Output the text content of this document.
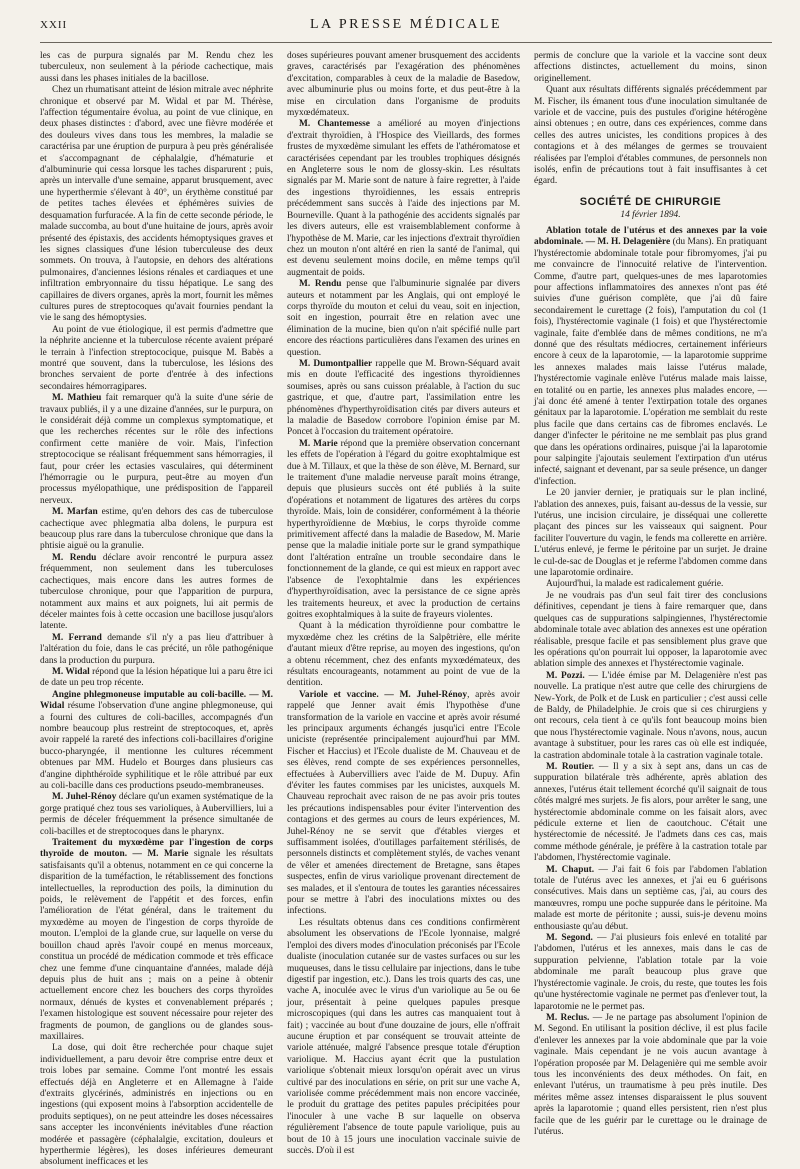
XXII	LA PRESSE MÉDICALE

les cas de purpura signalés par M. Rendu chez les tuberculeux, non seulement à la période cachectique, mais aussi dans les phases initiales de la bacillose.

Chez un rhumatisant atteint de lésion mitrale avec néphrite chronique et observé par M. Widal et par M. Thérèse, l'affection tégumentaire évolua, au point de vue clinique, en deux phases distinctes : d'abord, avec une fièvre modérée et des douleurs vives dans tous les membres, la maladie se caractérisa par une éruption de purpura à peu près généralisée et s'accompagnant de céphalalgie, d'hématurie et d'albuminurie qui cessa lorsque les taches disparurent ; puis, après un intervalle d'une semaine, apparut brusquement, avec une hyperthermie s'élevant à 40°, un érythème constitué par de petites taches élevées et éphémères suivies de desquamation furfuracée. A la fin de cette seconde période, le malade succomba, au bout d'une huitaine de jours, après avoir présenté des épistaxis, des accidents hémoptysiques graves et les signes classiques d'une lésion tuberculeuse des deux sommets. On trouva, à l'autopsie, en dehors des altérations pulmonaires, d'anciennes lésions rénales et cardiaques et une infiltration embryonnaire du tissu hépatique. Le sang des capillaires de divers organes, après la mort, fournit les mêmes cultures pures de streptocoques qu'avait fournies pendant la vie le sang des hémoptysies.

Au point de vue étiologique, il est permis d'admettre que la néphrite ancienne et la tuberculose récente avaient préparé le terrain à l'infection streptococique, puisque M. Babès a montré que souvent, dans la tuberculose, les lésions des bronches servaient de porte d'entrée à des infections secondaires hémorragipares.

M. Mathieu fait remarquer qu'à la suite d'une série de travaux publiés, il y a une dizaine d'années, sur le purpura, on le considérait déjà comme un complexus symptomatique, et que les recherches récentes sur le rôle des infections confirment cette manière de voir. Mais, l'infection streptococique se réalisant fréquemment sans hémorragies, il faut, pour créer les ectasies vasculaires, qui déterminent l'hémorragie ou le purpura, peut-être au moyen d'un processus myélopathique, une prédisposition de l'appareil nerveux.

M. Marfan estime, qu'en dehors des cas de tuberculose cachectique avec phlegmatia alba dolens, le purpura est beaucoup plus rare dans la tuberculose chronique que dans la phtisie aiguë ou la granulie.

M. Rendu déclare avoir rencontré le purpura assez fréquemment, non seulement dans les tuberculoses cachectiques, mais encore dans les autres formes de tuberculose chronique, pour que l'apparition de purpura, notamment aux mains et aux poignets, lui ait permis de déceler maintes fois à cette occasion une bacillose jusqu'alors latente.

M. Ferrand demande s'il n'y a pas lieu d'attribuer à l'altération du foie, dans le cas précité, un rôle pathogénique dans la production du purpura.

M. Widal répond que la lésion hépatique lui a paru être ici de date un peu trop récente.

Angine phlegmoneuse imputable au coli-bacille. — M. Widal résume l'observation d'une angine phlegmoneuse, qui a fourni des cultures de coli-bacilles, accompagnés d'un nombre beaucoup plus restreint de streptocoques, et, après avoir rappelé la rareté des infections coli-bacillaires d'origine bucco-pharyngée, il mentionne les cultures récemment obtenues par MM. Hudelo et Bourges dans plusieurs cas d'angine diphthéroïde syphilitique et le rôle attribué par eux au coli-bacille dans ces productions pseudo-membraneuses.

M. Juhel-Rénoy déclare qu'un examen systématique de la gorge pratiqué chez tous ses varioliques, à Aubervilliers, lui a permis de déceler fréquemment la présence simultanée de coli-bacilles et de streptocoques dans le pharynx.

Traitement du myxœdème par l'ingestion de corps thyroïde de mouton. — M. Marie signale les résultats satisfaisants qu'il a obtenus, notamment en ce qui concerne la disparition de la tuméfaction, le rétablissement des fonctions intellectuelles, la reproduction des poils, la diminution du poids, le relèvement de l'appétit et des forces, enfin l'amélioration de l'état général, dans le traitement du myxœdème au moyen de l'ingestion de corps thyroïde de mouton. L'emploi de la glande crue, sur laquelle on verse du bouillon chaud après l'avoir coupé en menus morceaux, constitua un procédé de médication commode et très efficace chez une femme d'une cinquantaine d'années, malade déjà depuis plus de huit ans ; mais on a peine à obtenir actuellement encore chez les bouchers des corps thyroïdes normaux, dénués de kystes et convenablement préparés ; l'examen histologique est souvent nécessaire pour rejeter des fragments de poumon, de ganglions ou de glandes sous-maxillaires.

La dose, qui doit être recherchée pour chaque sujet individuellement, a paru devoir être comprise entre deux et trois lobes par semaine. Comme l'ont montré les essais effectués déjà en Angleterre et en Allemagne à l'aide d'extraits glycérinés, administrés en injections ou en ingestions (qui exposent moins à l'absorption accidentelle de produits septiques), on ne peut atteindre les doses nécessaires sans accepter les inconvénients inévitables d'une réaction modérée et passagère (céphalalgie, excitation, douleurs et hyperthermie légères), les doses inférieures demeurant absolument inefficaces et les

doses supérieures pouvant amener brusquement des accidents graves, caractérisés par l'exagération des phénomènes d'excitation, comparables à ceux de la maladie de Basedow, avec albuminurie plus ou moins forte, et dus peut-être à la mise en circulation dans l'organisme de produits myxœdémateux.

M. Chantemesse a amélioré au moyen d'injections d'extrait thyroïdien, à l'Hospice des Vieillards, des formes frustes de myxœdème simulant les effets de l'athéromatose et caractérisées cependant par les troubles trophiques désignés en Angleterre sous le nom de glossy-skin. Les résultats signalés par M. Marie sont de nature à faire regretter, à l'aide des ingestions thyroïdiennes, les essais entrepris précédemment sans succès à l'aide des injections par M. Bourneville. Quant à la pathogénie des accidents signalés par les divers auteurs, elle est vraisemblablement conforme à l'hypothèse de M. Marie, car les injections d'extrait thyroïdien chez un mouton n'ont altéré en rien la santé de l'animal, qui est devenu seulement moins docile, en même temps qu'il augmentait de poids.

M. Rendu pense que l'albuminurie signalée par divers auteurs et notamment par les Anglais, qui ont employé le corps thyroïde du mouton et celui du veau, soit en injection, soit en ingestion, pourrait être en relation avec une élimination de la mucine, bien qu'on n'ait spécifié nulle part encore des réactions particulières dans l'examen des urines en question.

M. Dumontpallier rappelle que M. Brown-Séquard avait mis en doute l'efficacité des ingestions thyroïdiennes soumises, après ou sans cuisson préalable, à l'action du suc gastrique, et que, d'autre part, l'assimilation entre les phénomènes d'hyperthyroïdisation cités par divers auteurs et la maladie de Basedow corrobore l'opinion émise par M. Poncet à l'occasion du traitement opératoire.

M. Marie répond que la première observation concernant les effets de l'opération à l'égard du goitre exophtalmique est due à M. Tillaux, et que la thèse de son élève, M. Bernard, sur le traitement d'une maladie nerveuse paraît moins étrange, depuis que plusieurs succès ont été publiés à la suite d'opérations et notamment de ligatures des artères du corps thyroïde. Mais, loin de considérer, conformément à la théorie hyperthyroïdienne de Mœbius, le corps thyroïde comme primitivement affecté dans la maladie de Basedow, M. Marie pense que la maladie initiale porte sur le grand sympathique dont l'altération entraîne un trouble secondaire dans le fonctionnement de la glande, ce qui est mieux en rapport avec l'absence de l'exophtalmie dans les expériences d'hyperthyroïdisation, avec la persistance de ce signe après les traitements heureux, et avec la production de certains goitres exophtalmiques à la suite de frayeurs violentes.

Quant à la médication thyroïdienne pour combattre le myxœdème chez les crétins de la Salpêtrière, elle mérite d'autant mieux d'être reprise, au moyen des ingestions, qu'on a obtenu récemment, chez des enfants myxœdémateux, des résultats encourageants, notamment au point de vue de la dentition.

Variole et vaccine. — M. Juhel-Rénoy, après avoir rappelé que Jenner avait émis l'hypothèse d'une transformation de la variole en vaccine et après avoir résumé les principaux arguments échangés jusqu'ici entre l'Ecole uniciste (représentée principalement aujourd'hui par MM. Fischer et Haccius) et l'Ecole dualiste de M. Chauveau et de ses élèves, rend compte de ses expériences personnelles, effectuées à Aubervilliers avec l'aide de M. Dupuy. Afin d'éviter les fautes commises par les unicistes, auxquels M. Chauveau reprochait avec raison de ne pas avoir pris toutes les précautions indispensables pour éviter l'intervention des contagions et des germes au cours de leurs expériences, M. Juhel-Rénoy ne se servit que d'étables vierges et suffisamment isolées, d'outillages parfaitement stérilisés, de personnels distincts et complètement stylés, de vaches venant de vêler et amenées directement de Bretagne, sans êtapes suspectes, enfin de virus variolique provenant directement de ses malades, et il s'entoura de toutes les garanties nécessaires pour se mettre à l'abri des inoculations mixtes ou des infections.

Les résultats obtenus dans ces conditions confirmèrent absolument les observations de l'Ecole lyonnaise, malgré l'emploi des divers modes d'inoculation préconisés par l'Ecole dualiste (inoculation cutanée sur de vastes surfaces ou sur les muqueuses, dans le tissu cellulaire par injections, dans le tube digestif par ingestion, etc.). Dans les trois quarts des cas, une vache A, inoculée avec le virus d'un variolique au 5e ou 6e jour, présentait à peine quelques papules presque microscopiques (qui dans les autres cas manquaient tout à fait) ; vaccinée au bout d'une douzaine de jours, elle n'offrait aucune éruption et par conséquent se trouvait atteinte de variole atténuée, malgré l'absence presque totale d'éruption variolique. M. Haccius ayant écrit que la pustulation variolique s'obtenait mieux lorsqu'on opérait avec un virus cultivé par des inoculations en série, on prit sur une vache A, variolisée comme précédemment mais non encore vaccinée, le produit du grattage des petites papules précipitées pour l'inoculer à une vache B sur laquelle on observa régulièrement l'absence de toute papule variolique, puis au bout de 10 à 15 jours une inoculation vaccinale suivie de succès. D'où il est

permis de conclure que la variole et la vaccine sont deux affections distinctes, actuellement du moins, sinon originellement.

Quant aux résultats différents signalés précédemment par M. Fischer, ils émanent tous d'une inoculation simultanée de variole et de vaccine, puis des pustules d'origine hétérogène ainsi obtenues ; en outre, dans ces expériences, comme dans celles des autres unicistes, les conditions propices à des contagions et à des mélanges de germes se trouvaient réalisées par l'emploi d'étables communes, de personnels non isolés, enfin de précautions tout à fait insuffisantes à cet égard.

SOCIÉTÉ DE CHIRURGIE
14 février 1894.

Ablation totale de l'utérus et des annexes par la voie abdominale. — M. H. Delagenière (du Mans). En pratiquant l'hystérectomie abdominale totale pour fibromyomes, j'ai pu me convaincre de l'innocuité relative de l'intervention. Comme, d'autre part, quelques-unes de mes laparotomies pour affections inflammatoires des annexes n'ont pas été suivies d'une guérison complète, que j'ai dû faire secondairement le curettage (2 fois), l'amputation du col (1 fois), l'hystérectomie vaginale (1 fois) et que l'hystérectomie vaginale, faite d'emblée dans de mêmes conditions, ne m'a donné que des résultats médiocres, certainement inférieurs encore à ceux de la laparotomie, — la laparotomie supprime les annexes malades mais laisse l'utérus malade, l'hystérectomie vaginale enlève l'utérus malade mais laisse, en totalité ou en partie, les annexes plus malades encore, — j'ai donc été amené à tenter l'extirpation totale des organes génitaux par la laparotomie. L'opération me semblait du reste plus facile que dans certains cas de fibromes enclavés. Le danger d'infecter le péritoine ne me semblait pas plus grand que dans les opérations ordinaires, puisque j'ai la laparotomie pour salpingite j'ajoutais seulement l'extirpation d'un utérus infecté, saignant et devenant, par sa seule présence, un danger d'infection.

Le 20 janvier dernier, je pratiquais sur le plan incliné, l'ablation des annexes, puis, faisant au-dessus de la vessie, sur l'utérus, une incision circulaire, je disséquai une collerette plaçant des pinces sur les vaisseaux qui saignent. Pour faciliter l'ouverture du vagin, le fends ma collerette en arrière. L'utérus enlevé, je ferme le péritoine par un surjet. Je draine le cul-de-sac de Douglas et je referme l'abdomen comme dans une laparotomie ordinaire.

Aujourd'hui, la malade est radicalement guérie.

Je ne voudrais pas d'un seul fait tirer des conclusions définitives, cependant je tiens à faire remarquer que, dans quelques cas de suppurations salpingiennes, l'hystérectomie abdominale totale avec ablation des annexes est une opération réalisable, presque facile et pas sensiblement plus grave que les opérations qu'on pourrait lui opposer, la laparotomie avec ablation simple des annexes et l'hystérectomie vaginale.

M. Pozzi. — L'idée émise par M. Delagenière n'est pas nouvelle. La pratique n'est autre que celle des chirurgiens de New-York, de Polk et de Lusk en particulier ; c'est aussi celle de Baldy, de Philadelphie. Je crois que si ces chirurgiens y ont recours, cela tient à ce qu'ils font beaucoup moins bien que nous l'hystérectomie vaginale. Nous n'avons, nous, aucun avantage à substituer, pour les rares cas où elle est indiquée, la castration abdominale totale à la castration vaginale totale.

M. Routier. — Il y a six à sept ans, dans un cas de suppuration bilatérale très adhérente, après ablation des annexes, l'utérus était tellement écorché qu'il saignait de tous côtés malgré mes surjets. Je fis alors, pour arrêter le sang, une hystérectomie abdominale comme on les faisait alors, avec pédicule externe et lien de caoutchouc. C'était une hystérectomie de nécessité. Je l'admets dans ces cas, mais comme méthode générale, je préfère à la castration totale par l'abdomen, l'hystérectomie vaginale.

M. Chaput. — J'ai fait 6 fois par l'abdomen l'ablation totale de l'utérus avec les annexes, et j'ai eu 6 guérisons consécutives. Mais dans un septième cas, j'ai, au cours des manœuvres, rompu une poche suppurée dans le péritoine. Ma malade est morte de péritonite ; aussi, suis-je devenu moins enthousiaste qu'au début.

M. Segond. — J'ai plusieurs fois enlevé en totalité par l'abdomen, l'utérus et les annexes, mais dans le cas de suppuration pelvienne, l'ablation totale par la voie abdominale me paraît beaucoup plus grave que l'hystérectomie vaginale. Je crois, du reste, que toutes les fois qu'une hystérectomie vaginale ne permet pas d'enlever tout, la laparotomie ne le permet pas.

M. Reclus. — Je ne partage pas absolument l'opinion de M. Segond. En utilisant la position déclive, il est plus facile d'enlever les annexes par la voie abdominale que par la voie vaginale. Mais cependant je ne vois aucun avantage à l'opération proposée par M. Delagenière qui me semble avoir tous les inconvénients des deux méthodes. On fait, en enlevant l'utérus, un traumatisme à peu près inutile. Des mérites même assez intenses disparaissent le plus souvent après la laparotomie ; quand elles persistent, rien n'est plus facile que de les guérir par le curettage ou le drainage de l'utérus.
